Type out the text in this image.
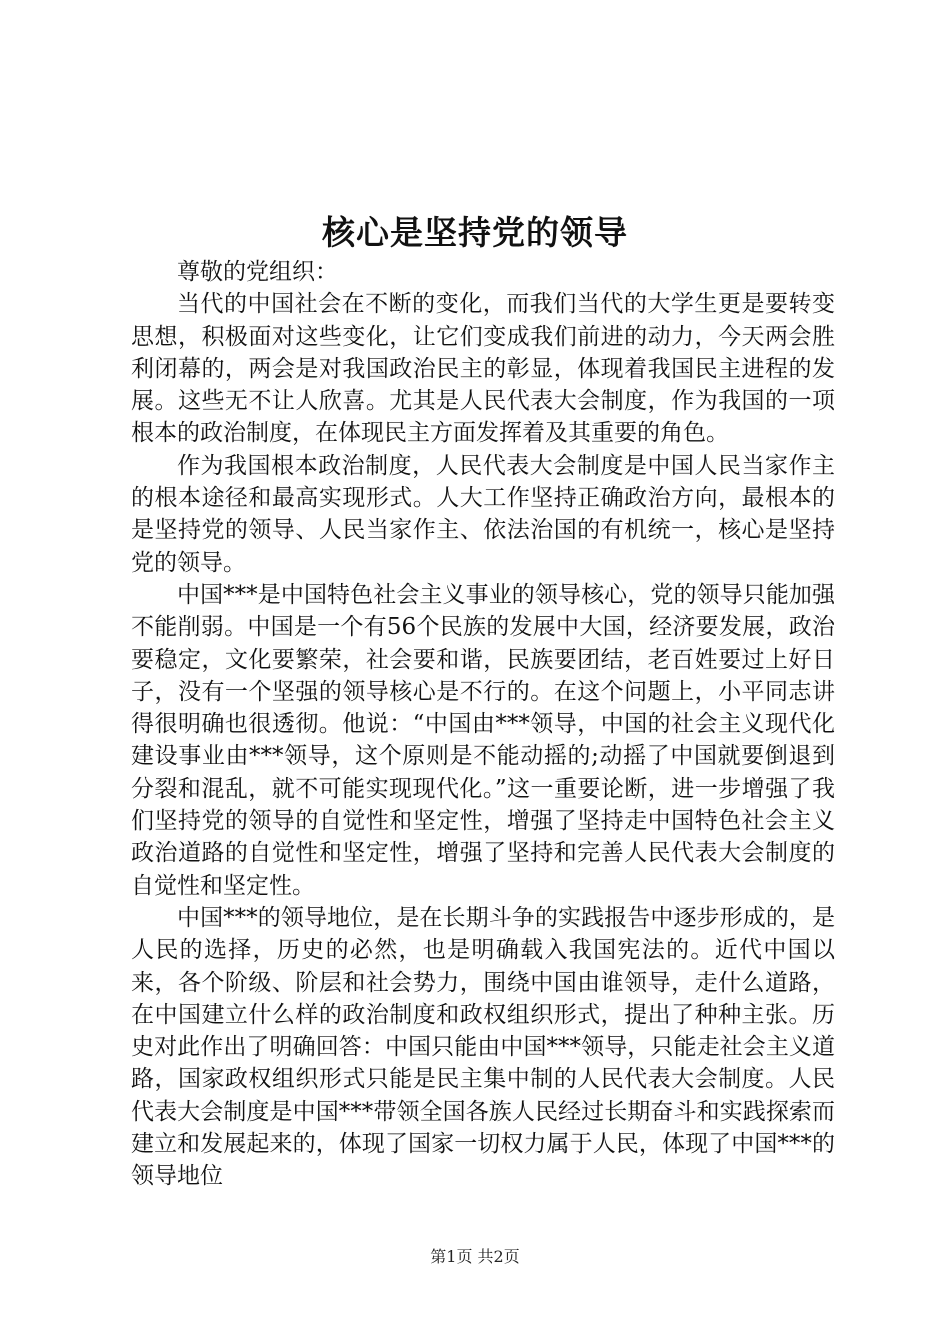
核心是坚持党的领导

尊敬的党组织：

当代的中国社会在不断的变化，而我们当代的大学生更是要转变思想，积极面对这些变化，让它们变成我们前进的动力，今天两会胜利闭幕的，两会是对我国政治民主的彰显，体现着我国民主进程的发展。这些无不让人欣喜。尤其是人民代表大会制度，作为我国的一项根本的政治制度，在体现民主方面发挥着及其重要的角色。

作为我国根本政治制度，人民代表大会制度是中国人民当家作主的根本途径和最高实现形式。人大工作坚持正确政治方向，最根本的是坚持党的领导、人民当家作主、依法治国的有机统一，核心是坚持党的领导。

中国***是中国特色社会主义事业的领导核心，党的领导只能加强不能削弱。中国是一个有56个民族的发展中大国，经济要发展，政治要稳定，文化要繁荣，社会要和谐，民族要团结，老百姓要过上好日子，没有一个坚强的领导核心是不行的。在这个问题上，小平同志讲得很明确也很透彻。他说：“中国由***领导，中国的社会主义现代化建设事业由***领导，这个原则是不能动摇的;动摇了中国就要倒退到分裂和混乱，就不可能实现现代化。”这一重要论断，进一步增强了我们坚持党的领导的自觉性和坚定性，增强了坚持走中国特色社会主义政治道路的自觉性和坚定性，增强了坚持和完善人民代表大会制度的自觉性和坚定性。

中国***的领导地位，是在长期斗争的实践报告中逐步形成的，是人民的选择，历史的必然，也是明确载入我国宪法的。近代中国以来，各个阶级、阶层和社会势力，围绕中国由谁领导，走什么道路，在中国建立什么样的政治制度和政权组织形式，提出了种种主张。历史对此作出了明确回答：中国只能由中国***领导，只能走社会主义道路，国家政权组织形式只能是民主集中制的人民代表大会制度。人民代表大会制度是中国***带领全国各族人民经过长期奋斗和实践探索而建立和发展起来的，体现了国家一切权力属于人民，体现了中国***的领导地位

第1页 共2页
